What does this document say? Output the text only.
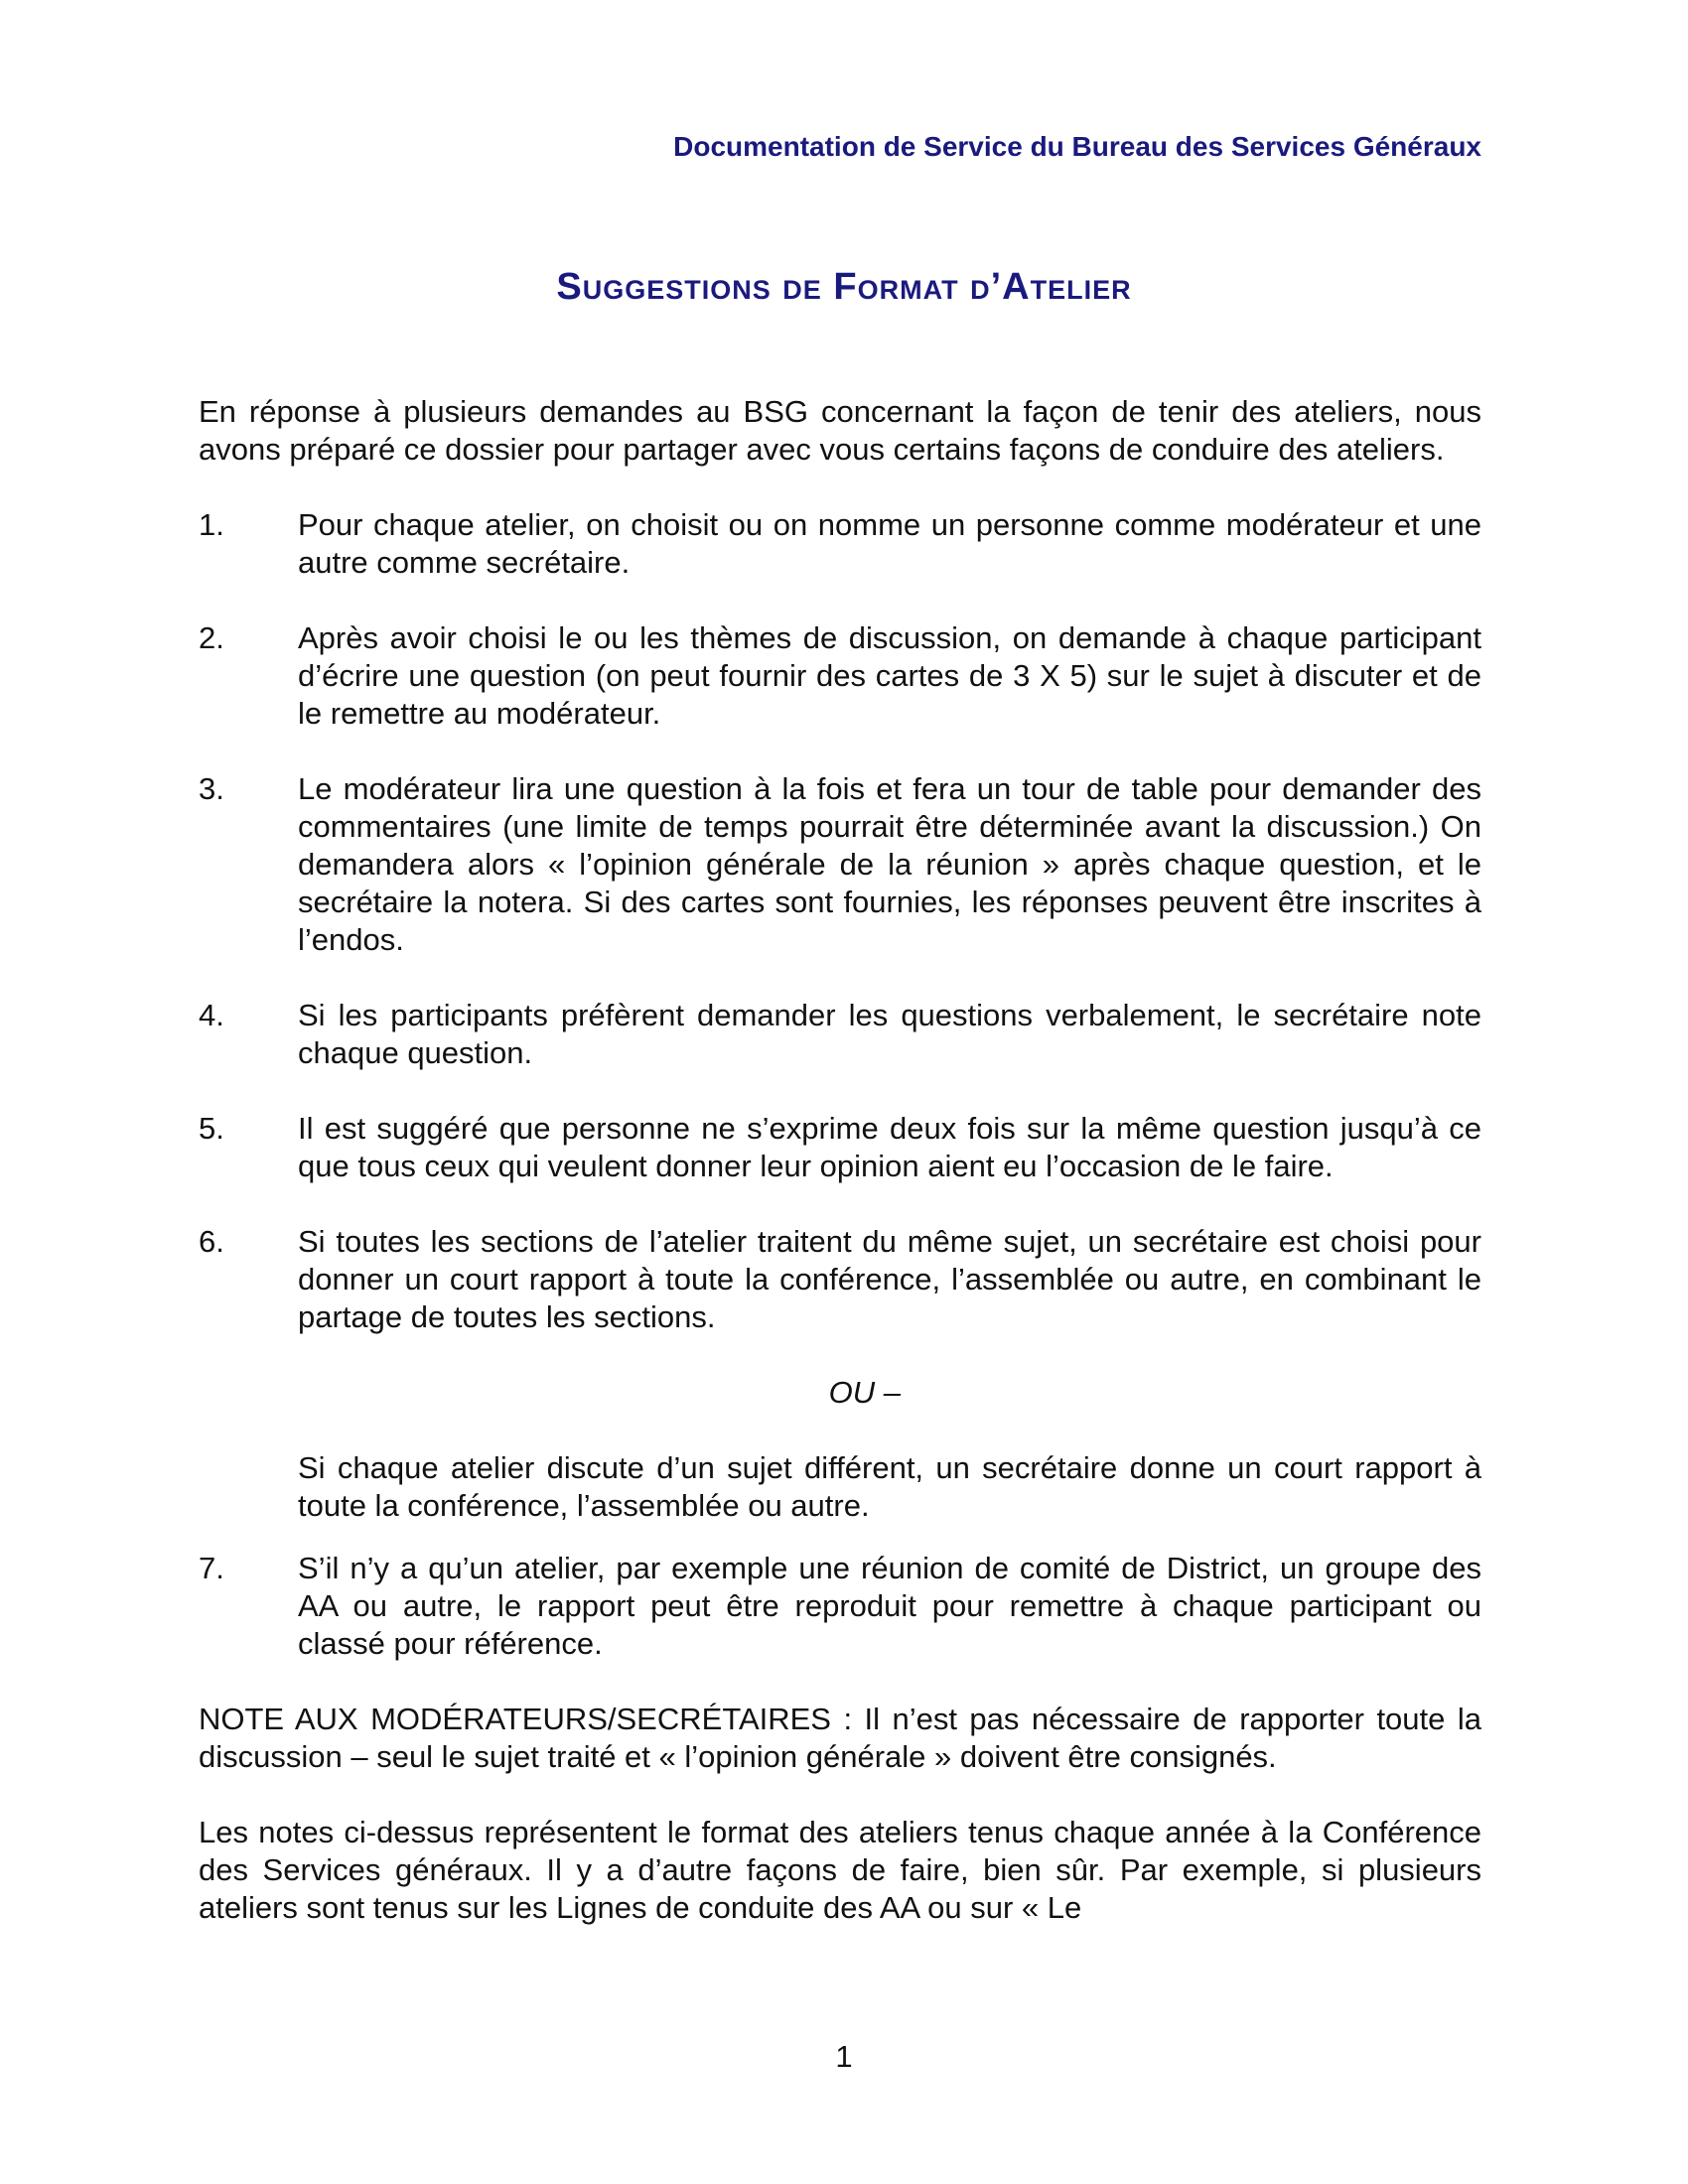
Documentation de Service du Bureau des Services Généraux
Suggestions de Format d’Atelier

En réponse à plusieurs demandes au BSG concernant la façon de tenir des ateliers, nous avons préparé ce dossier pour partager avec vous certains façons de conduire des ateliers.

1.	Pour chaque atelier, on choisit ou on nomme un personne comme modérateur et une autre comme secrétaire.
2.	Après avoir choisi le ou les thèmes de discussion, on demande à chaque participant d’écrire une question (on peut fournir des cartes de 3 X 5) sur le sujet à discuter et de le remettre au modérateur.
3.	Le modérateur lira une question à la fois et fera un tour de table pour demander des commentaires (une limite de temps pourrait être déterminée avant la discussion.) On demandera alors « l’opinion générale de la réunion » après chaque question, et le secrétaire la notera. Si des cartes sont fournies, les réponses peuvent être inscrites à l’endos.
4.	Si les participants préfèrent demander les questions verbalement, le secrétaire note chaque question.
5.	Il est suggéré que personne ne s’exprime deux fois sur la même question jusqu’à ce que tous ceux qui veulent donner leur opinion aient eu l’occasion de le faire.
6.	Si toutes les sections de l’atelier traitent du même sujet, un secrétaire est choisi pour donner un court rapport à toute la conférence, l’assemblée ou autre, en combinant le partage de toutes les sections.
OU –
Si chaque atelier discute d’un sujet différent, un secrétaire donne un court rapport à toute la conférence, l’assemblée ou autre.
7.	S’il n’y a qu’un atelier, par exemple une réunion de comité de District, un groupe des AA ou autre, le rapport peut être reproduit pour remettre à chaque participant ou classé pour référence.

NOTE AUX MODÉRATEURS/SECRÉTAIRES : Il n’est pas nécessaire de rapporter toute la discussion – seul le sujet traité et « l’opinion générale » doivent être consignés.

Les notes ci-dessus représentent le format des ateliers tenus chaque année à la Conférence des Services généraux. Il y a d’autre façons de faire, bien sûr. Par exemple, si plusieurs ateliers sont tenus sur les Lignes de conduite des AA ou sur « Le

1
